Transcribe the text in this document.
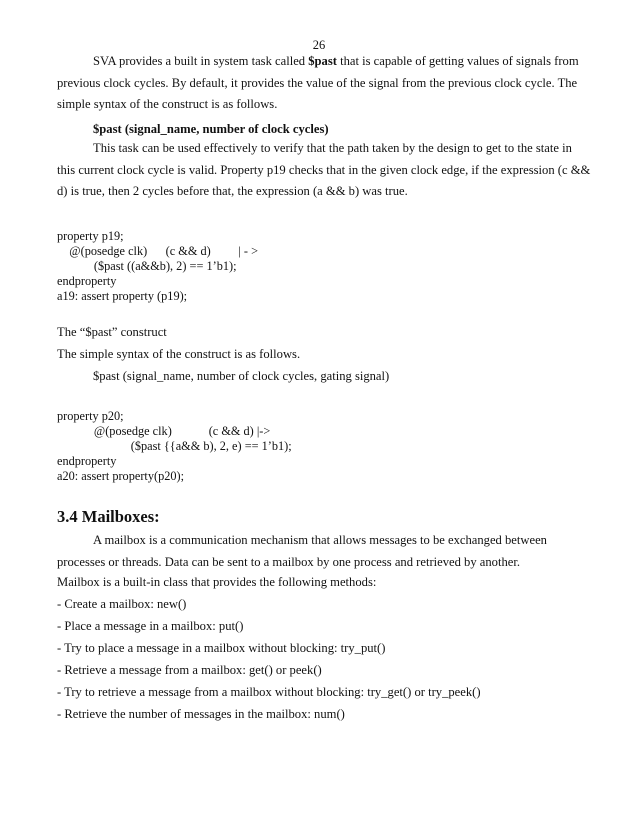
26

SVA provides a built in system task called $past that is capable of getting values of signals from previous clock cycles. By default, it provides the value of the signal from the previous clock cycle. The simple syntax of the construct is as follows.

$past (signal_name, number of clock cycles)

This task can be used effectively to verify that the path taken by the design to get to the state in this current clock cycle is valid. Property p19 checks that in the given clock edge, if the expression (c && d) is true, then 2 cycles before that, the expression (a && b) was true.

property p19;

@(posedge clk)      (c && d)         | - >

($past ((a&&b), 2) == 1’b1);

endproperty

a19: assert property (p19);

The “$past” construct

The simple syntax of the construct is as follows.

$past (signal_name, number of clock cycles, gating signal)

property p20;

@(posedge clk)            (c && d) |->

($past {{a&& b), 2, e) == 1’b1);

endproperty

a20: assert property(p20);

3.4 Mailboxes:

A mailbox is a communication mechanism that allows messages to be exchanged between processes or threads. Data can be sent to a mailbox by one process and retrieved by another.

Mailbox is a built-in class that provides the following methods:

- Create a mailbox: new()

- Place a message in a mailbox: put()

- Try to place a message in a mailbox without blocking: try_put()

- Retrieve a message from a mailbox: get() or peek()

- Try to retrieve a message from a mailbox without blocking: try_get() or try_peek()

- Retrieve the number of messages in the mailbox: num()
